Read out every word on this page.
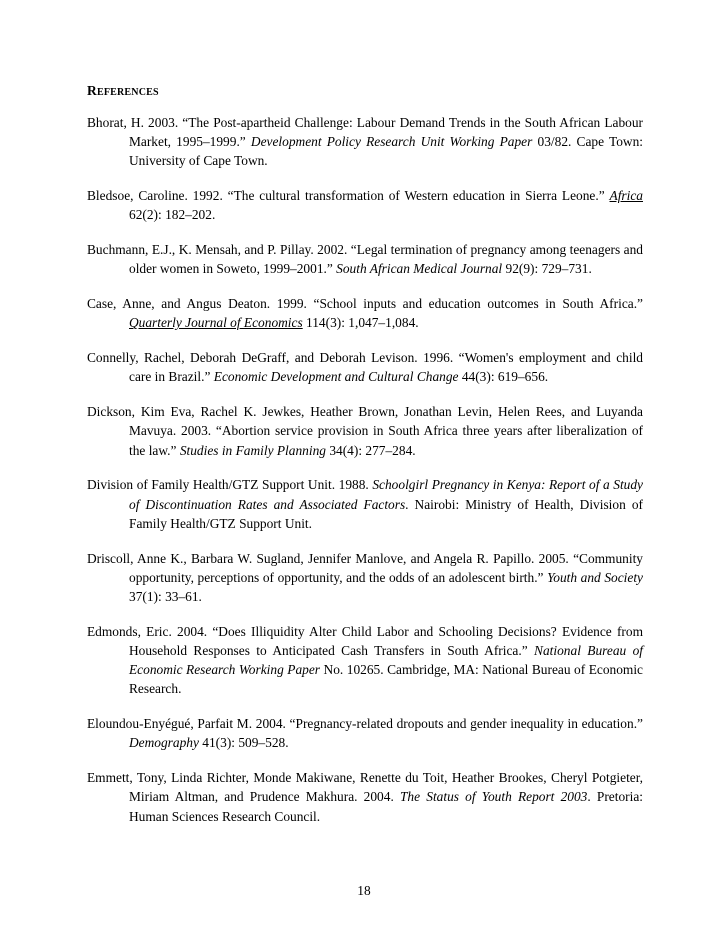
REFERENCES

Bhorat, H. 2003. “The Post-apartheid Challenge: Labour Demand Trends in the South African Labour Market, 1995–1999.” Development Policy Research Unit Working Paper 03/82. Cape Town: University of Cape Town.

Bledsoe, Caroline. 1992. “The cultural transformation of Western education in Sierra Leone.” Africa 62(2): 182–202.

Buchmann, E.J., K. Mensah, and P. Pillay. 2002. “Legal termination of pregnancy among teenagers and older women in Soweto, 1999–2001.” South African Medical Journal 92(9): 729–731.

Case, Anne, and Angus Deaton. 1999. “School inputs and education outcomes in South Africa.” Quarterly Journal of Economics 114(3): 1,047–1,084.

Connelly, Rachel, Deborah DeGraff, and Deborah Levison. 1996. “Women's employment and child care in Brazil.” Economic Development and Cultural Change 44(3): 619–656.

Dickson, Kim Eva, Rachel K. Jewkes, Heather Brown, Jonathan Levin, Helen Rees, and Luyanda Mavuya. 2003. “Abortion service provision in South Africa three years after liberalization of the law.” Studies in Family Planning 34(4): 277–284.

Division of Family Health/GTZ Support Unit. 1988. Schoolgirl Pregnancy in Kenya: Report of a Study of Discontinuation Rates and Associated Factors. Nairobi: Ministry of Health, Division of Family Health/GTZ Support Unit.

Driscoll, Anne K., Barbara W. Sugland, Jennifer Manlove, and Angela R. Papillo. 2005. “Community opportunity, perceptions of opportunity, and the odds of an adolescent birth.” Youth and Society 37(1): 33–61.

Edmonds, Eric. 2004. “Does Illiquidity Alter Child Labor and Schooling Decisions? Evidence from Household Responses to Anticipated Cash Transfers in South Africa.” National Bureau of Economic Research Working Paper No. 10265. Cambridge, MA: National Bureau of Economic Research.

Eloundou-Enyégué, Parfait M. 2004. “Pregnancy-related dropouts and gender inequality in education.” Demography 41(3): 509–528.

Emmett, Tony, Linda Richter, Monde Makiwane, Renette du Toit, Heather Brookes, Cheryl Potgieter, Miriam Altman, and Prudence Makhura. 2004. The Status of Youth Report 2003. Pretoria: Human Sciences Research Council.

18
